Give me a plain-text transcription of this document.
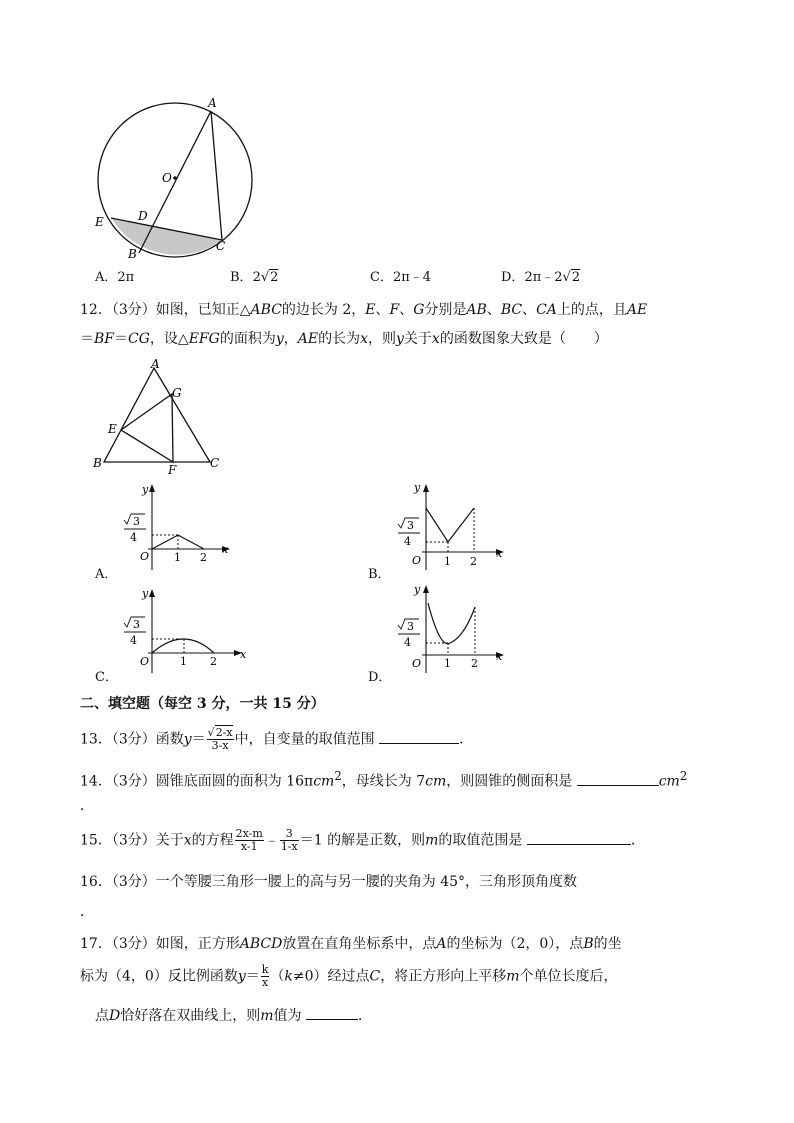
A
O
D
E
B
C
A．2π	B．2√2	C．2π﹣4	D．2π﹣2√2
12．（3分）如图，已知正△ABC的边长为 2，E、F、G分别是AB、BC、CA上的点，且AE
＝BF＝CG，设△EFG的面积为y，AE的长为x，则y关于x的函数图象大致是（　　）
A
G
E
B	F	C
y
x
O 1 2
3
4
A．
y
x
O 1 2
3
4
B．
y
x
O	1 2
3
4
C．
y
x
O 1 2
3
4
D．
二、填空题（每空 3 分，一共 15 分）
13．（3分）函数$y= \frac{√2-x}{3-x}$ 中，自变量的取值范围	．
14．（3分）圆锥底面圆的面积为 16πcm$^2$，母线长为 7cm，则圆锥的侧面积是	$cm^2$
．
15．（3分）关于x的方程 $\frac{2x-m}{x-1}$ ﹣ $\frac{3}{1-x} =1$ 的解是正数，则m的取值范围是	．
16．（3分）一个等腰三角形一腰上的高与另一腰的夹角为 45°，三角形顶角度数
．
17．（3分）如图，正方形ABCD放置在直角坐标系中，点A的坐标为（2，0），点B的坐
标为（4，0）反比例函数$y= \frac{k}{x} (k\ne 0)$经过点C，将正方形向上平移m个单位长度后，
点D恰好落在双曲线上，则m值为	．
